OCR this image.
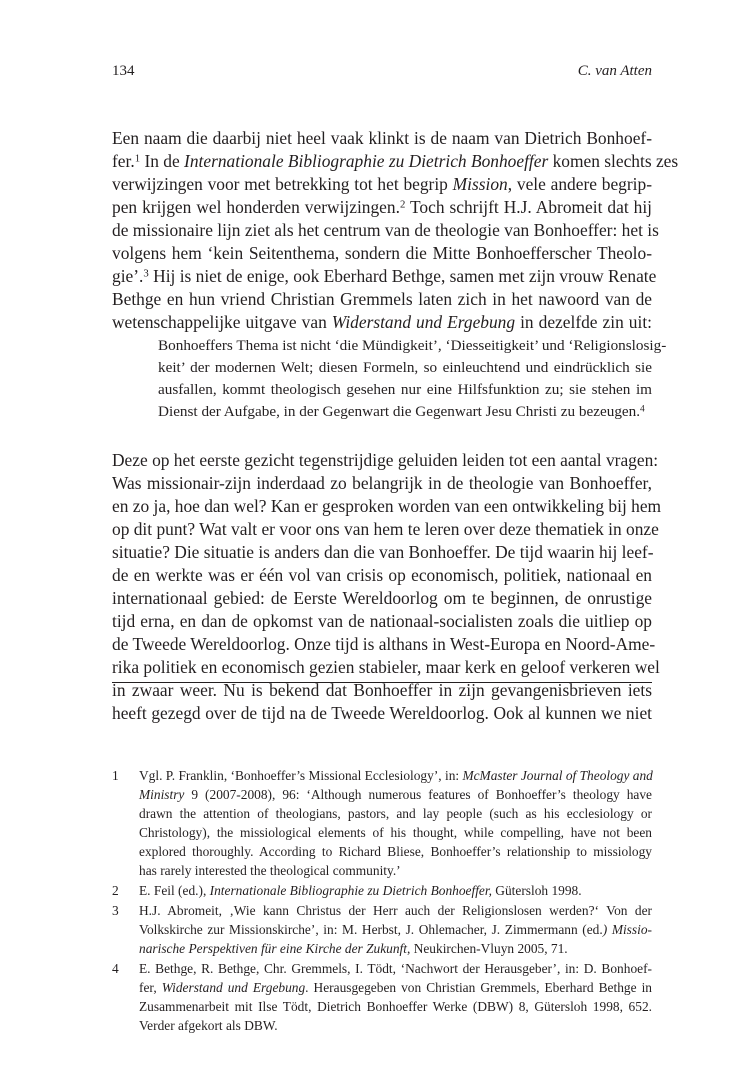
134	C. van Atten
Een naam die daarbij niet heel vaak klinkt is de naam van Dietrich Bonhoef-
fer.$^1$ In de Internationale Bibliographie zu Dietrich Bonhoeffer komen slechts zes
verwijzingen voor met betrekking tot het begrip Mission, vele andere begrip-
pen krijgen wel honderden verwijzingen.$^2$ Toch schrijft H.J. Abromeit dat hij
de missionaire lijn ziet als het centrum van de theologie van Bonhoeffer: het is
volgens hem ‘kein Seitenthema, sondern die Mitte Bonhoefferscher Theolo-
gie’.$^3$ Hij is niet de enige, ook Eberhard Bethge, samen met zijn vrouw Renate
Bethge en hun vriend Christian Gremmels laten zich in het nawoord van de
wetenschappelijke uitgave van Widerstand und Ergebung in dezelfde zin uit:
Bonhoeffers Thema ist nicht ‘die Mündigkeit’, ‘Diesseitigkeit’ und ‘Religionslosig-
keit’ der modernen Welt; diesen Formeln, so einleuchtend und eindrücklich sie
ausfallen, kommt theologisch gesehen nur eine Hilfsfunktion zu; sie stehen im
Dienst der Aufgabe, in der Gegenwart die Gegenwart Jesu Christi zu bezeugen.$^4$
Deze op het eerste gezicht tegenstrijdige geluiden leiden tot een aantal vragen:
Was missionair-zijn inderdaad zo belangrijk in de theologie van Bonhoeffer,
en zo ja, hoe dan wel? Kan er gesproken worden van een ontwikkeling bij hem
op dit punt? Wat valt er voor ons van hem te leren over deze thematiek in onze
situatie? Die situatie is anders dan die van Bonhoeffer. De tijd waarin hij leef-
de en werkte was er één vol van crisis op economisch, politiek, nationaal en
internationaal gebied: de Eerste Wereldoorlog om te beginnen, de onrustige
tijd erna, en dan de opkomst van de nationaal-socialisten zoals die uitliep op
de Tweede Wereldoorlog. Onze tijd is althans in West-Europa en Noord-Ame-
rika politiek en economisch gezien stabieler, maar kerk en geloof verkeren wel
in zwaar weer. Nu is bekend dat Bonhoeffer in zijn gevangenisbrieven iets
heeft gezegd over de tijd na de Tweede Wereldoorlog. Ook al kunnen we niet
1 Vgl. P. Franklin, ‘Bonhoeffer’s Missional Ecclesiology’, in: McMaster Journal of Theology and
Ministry 9 (2007-2008), 96: ‘Although numerous features of Bonhoeffer’s theology have
drawn the attention of theologians, pastors, and lay people (such as his ecclesiology or
Christology), the missiological elements of his thought, while compelling, have not been
explored thoroughly. According to Richard Bliese, Bonhoeffer’s relationship to missiology
has rarely interested the theological community.’
2 E. Feil (ed.), Internationale Bibliographie zu Dietrich Bonhoeffer, Gütersloh 1998.
3 H.J. Abromeit, ‚Wie kann Christus der Herr auch der Religionslosen werden?‘ Von der
Volkskirche zur Missionskirche’, in: M. Herbst, J. Ohlemacher, J. Zimmermann (ed.) Missio-
narische Perspektiven für eine Kirche der Zukunft, Neukirchen-Vluyn 2005, 71.
4 E. Bethge, R. Bethge, Chr. Gremmels, I. Tödt, ‘Nachwort der Herausgeber’, in: D. Bonhoef-
fer, Widerstand und Ergebung. Herausgegeben von Christian Gremmels, Eberhard Bethge in
Zusammenarbeit mit Ilse Tödt, Dietrich Bonhoeffer Werke (DBW) 8, Gütersloh 1998, 652.
Verder afgekort als DBW.
